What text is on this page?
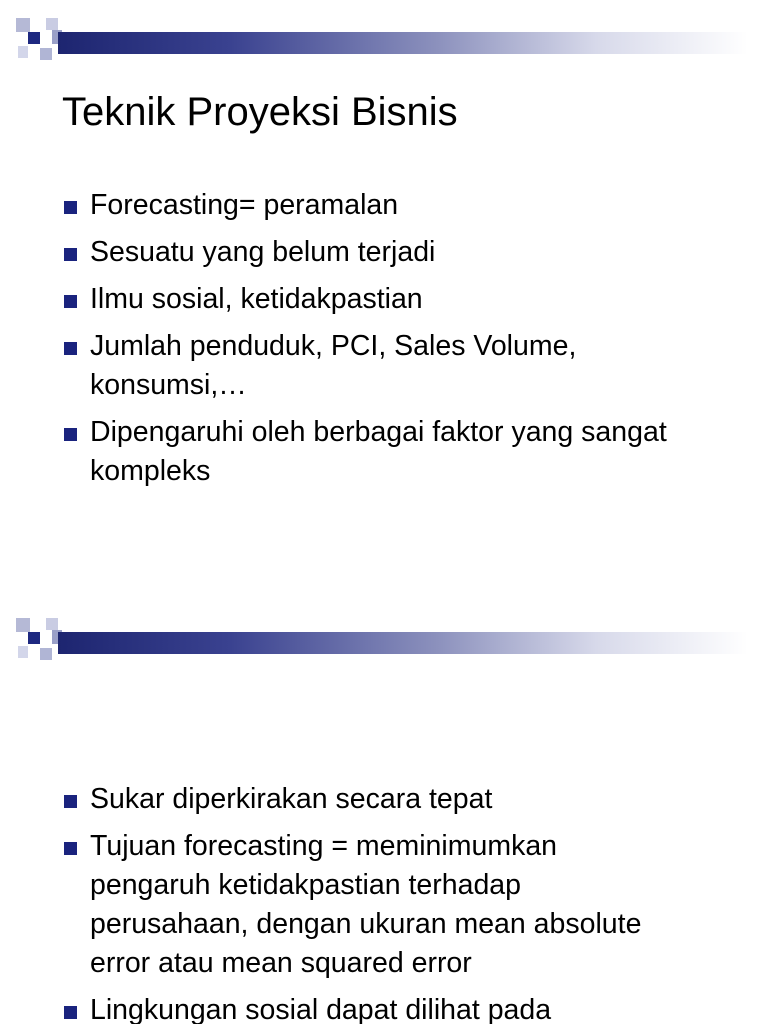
Teknik Proyeksi Bisnis
Forecasting= peramalan
Sesuatu yang belum terjadi
Ilmu sosial, ketidakpastian
Jumlah penduduk, PCI, Sales Volume, konsumsi,…
Dipengaruhi oleh berbagai faktor yang sangat kompleks
Sukar diperkirakan secara tepat
Tujuan forecasting = meminimumkan pengaruh ketidakpastian terhadap perusahaan, dengan ukuran mean absolute error atau mean squared error
Lingkungan sosial dapat dilihat pada
